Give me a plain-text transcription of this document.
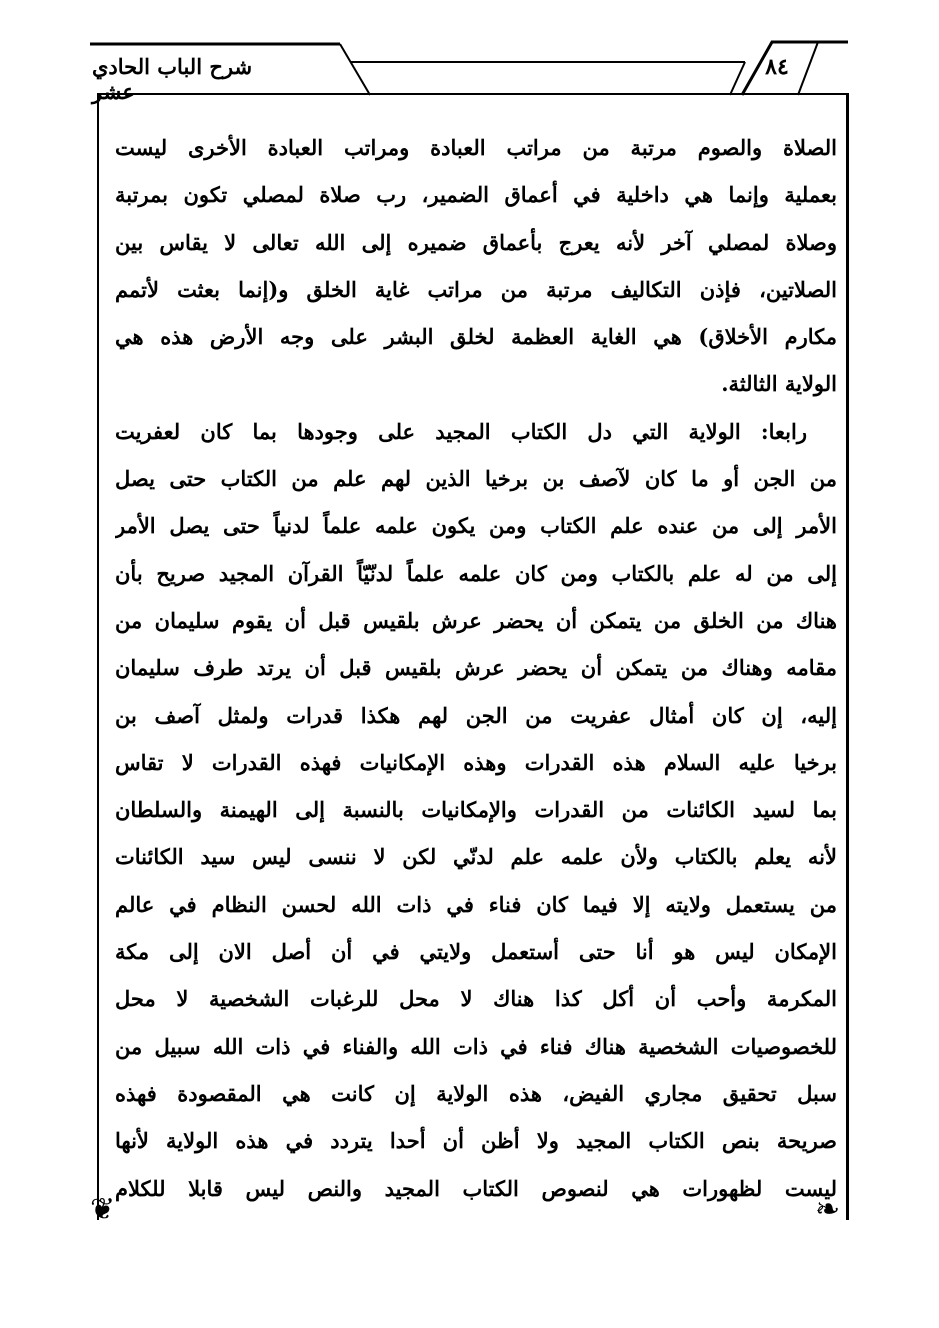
شرح الباب الحادي عشر
٨٤
❦	❧
الصلاة والصوم مرتبة من مراتب العبادة ومراتب العبادة الأخرى ليست
بعملية وإنما هي داخلية في أعماق الضمير، رب صلاة لمصلي تكون بمرتبة
وصلاة لمصلي آخر لأنه يعرج بأعماق ضميره إلى الله تعالى لا يقاس بين
الصلاتين، فإذن التكاليف مرتبة من مراتب غاية الخلق و(إنما بعثت لأتمم
مكارم الأخلاق) هي الغاية العظمة لخلق البشر على وجه الأرض هذه هي
الولاية الثالثة.
رابعا: الولاية التي دل الكتاب المجيد على وجودها بما كان لعفريت
من الجن أو ما كان لآصف بن برخيا الذين لهم علم من الكتاب حتى يصل
الأمر إلى من عنده علم الكتاب ومن يكون علمه علماً لدنياً حتى يصل الأمر
إلى من له علم بالكتاب ومن كان علمه علماً لدنّيّاً القرآن المجيد صريح بأن
هناك من الخلق من يتمكن أن يحضر عرش بلقيس قبل أن يقوم سليمان من
مقامه وهناك من يتمكن أن يحضر عرش بلقيس قبل أن يرتد طرف سليمان
إليه، إن كان أمثال عفريت من الجن لهم هكذا قدرات ولمثل آصف بن
برخيا عليه السلام هذه القدرات وهذه الإمكانيات فهذه القدرات لا تقاس
بما لسيد الكائنات من القدرات والإمكانيات بالنسبة إلى الهيمنة والسلطان
لأنه يعلم بالكتاب ولأن علمه علم لدنّي لكن لا ننسى ليس سيد الكائنات
من يستعمل ولايته إلا فيما كان فناء في ذات الله لحسن النظام في عالم
الإمكان ليس هو أنا حتى أستعمل ولايتي في أن أصل الان إلى مكة
المكرمة وأحب أن أكل كذا هناك لا محل للرغبات الشخصية لا محل
للخصوصيات الشخصية هناك فناء في ذات الله والفناء في ذات الله سبيل من
سبل تحقيق مجاري الفيض، هذه الولاية إن كانت هي المقصودة فهذه
صريحة بنص الكتاب المجيد ولا أظن أن أحدا يتردد في هذه الولاية لأنها
ليست لظهورات هي لنصوص الكتاب المجيد والنص ليس قابلا للكلام
